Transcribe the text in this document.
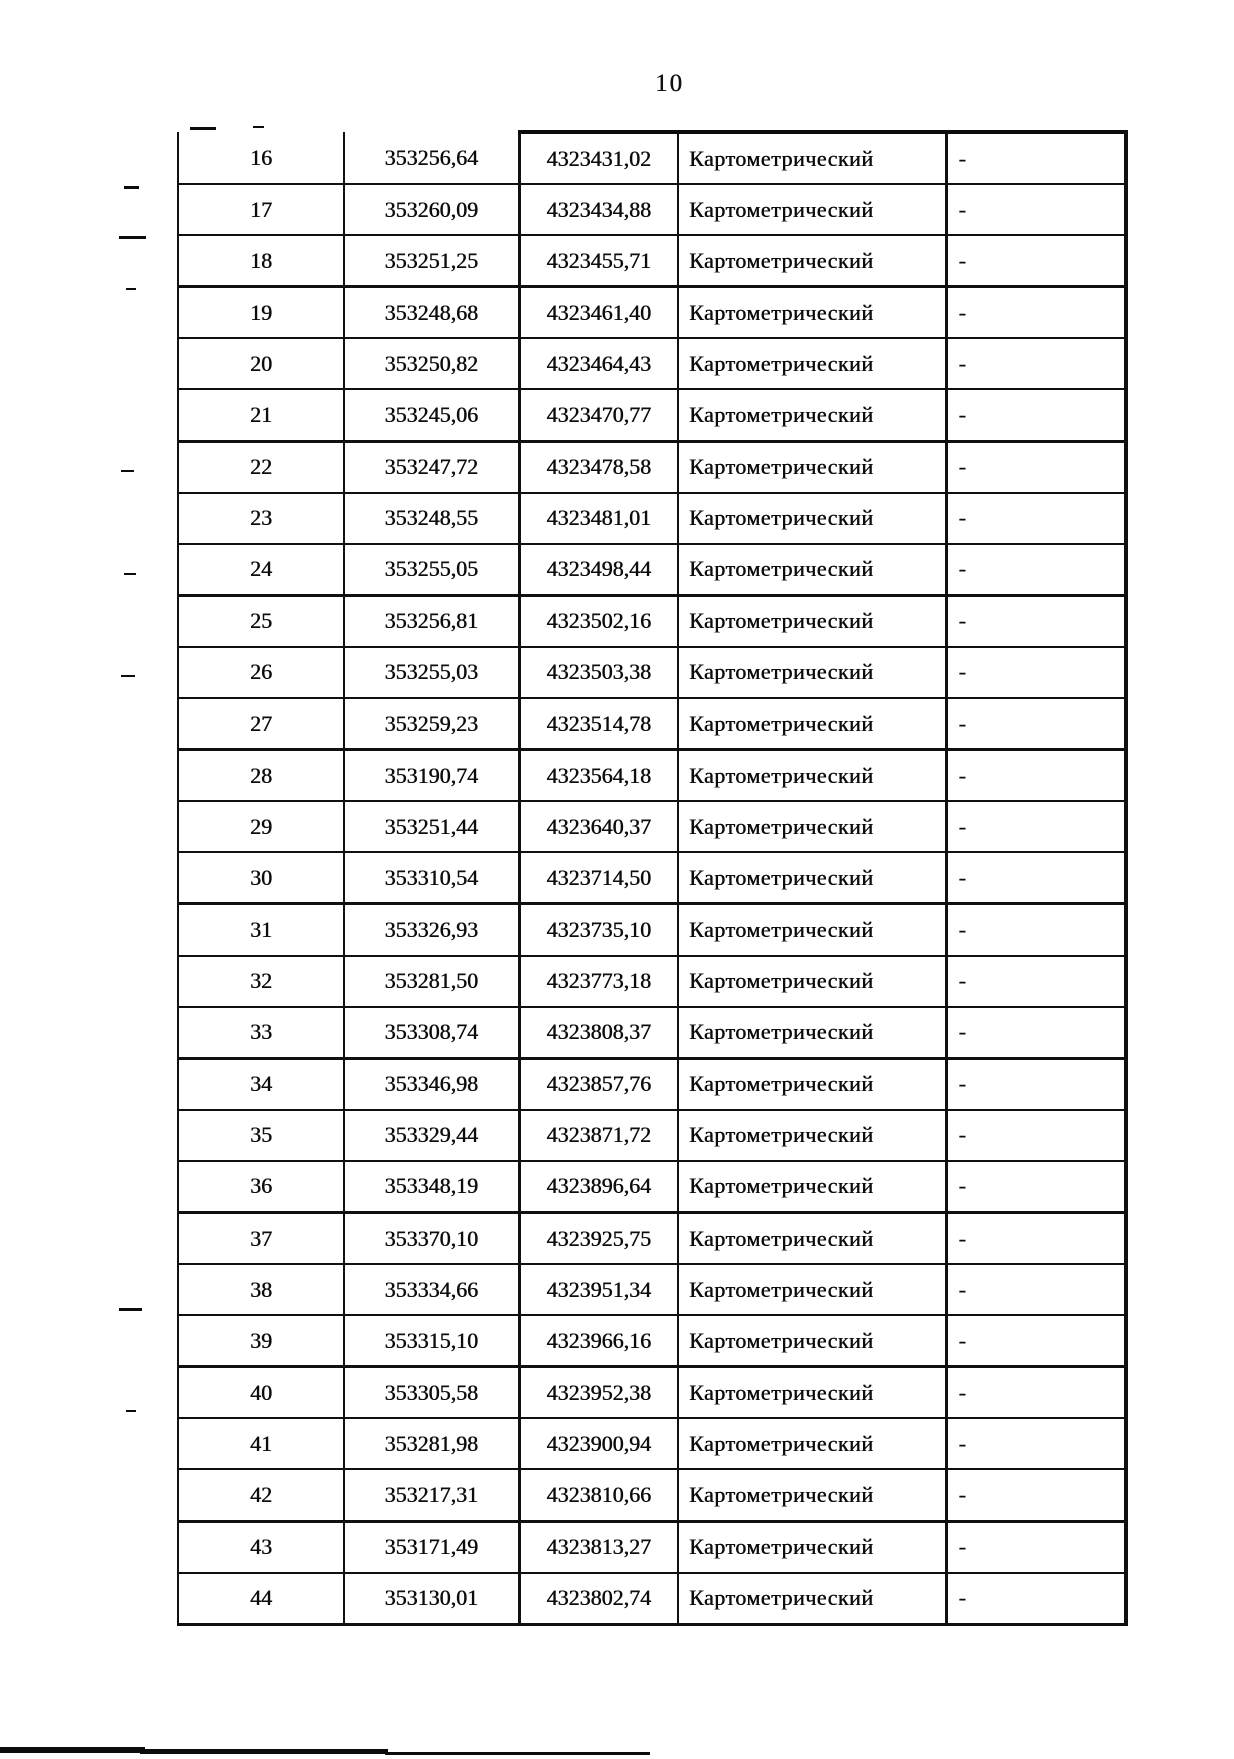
10
16	353256,64	4323431,02	Картометрический	-
17	353260,09	4323434,88	Картометрический	-
18	353251,25	4323455,71	Картометрический	-
19	353248,68	4323461,40	Картометрический	-
20	353250,82	4323464,43	Картометрический	-
21	353245,06	4323470,77	Картометрический	-
22	353247,72	4323478,58	Картометрический	-
23	353248,55	4323481,01	Картометрический	-
24	353255,05	4323498,44	Картометрический	-
25	353256,81	4323502,16	Картометрический	-
26	353255,03	4323503,38	Картометрический	-
27	353259,23	4323514,78	Картометрический	-
28	353190,74	4323564,18	Картометрический	-
29	353251,44	4323640,37	Картометрический	-
30	353310,54	4323714,50	Картометрический	-
31	353326,93	4323735,10	Картометрический	-
32	353281,50	4323773,18	Картометрический	-
33	353308,74	4323808,37	Картометрический	-
34	353346,98	4323857,76	Картометрический	-
35	353329,44	4323871,72	Картометрический	-
36	353348,19	4323896,64	Картометрический	-
37	353370,10	4323925,75	Картометрический	-
38	353334,66	4323951,34	Картометрический	-
39	353315,10	4323966,16	Картометрический	-
40	353305,58	4323952,38	Картометрический	-
41	353281,98	4323900,94	Картометрический	-
42	353217,31	4323810,66	Картометрический	-
43	353171,49	4323813,27	Картометрический	-
44	353130,01	4323802,74	Картометрический	-
